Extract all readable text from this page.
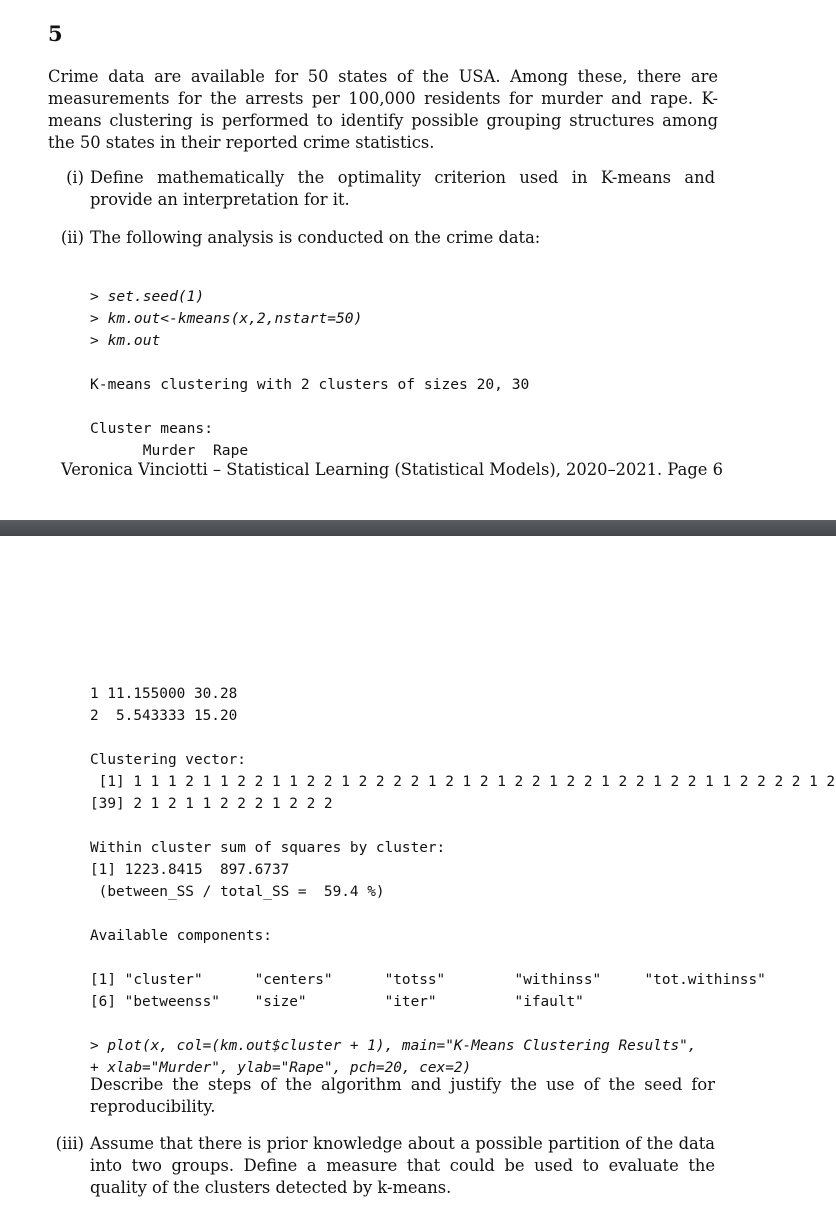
5
Crime data are available for 50 states of the USA. Among these, there are measurements for the arrests per 100,000 residents for murder and rape. K-means clustering is performed to identify possible grouping structures among the 50 states in their reported crime statistics.
(i) Define mathematically the optimality criterion used in K-means and provide an interpretation for it.
(ii) The following analysis is conducted on the crime data:

> set.seed(1)
> km.out<-kmeans(x,2,nstart=50)
> km.out

K-means clustering with 2 clusters of sizes 20, 30

Cluster means:
Murder  Rape
Veronica Vinciotti – Statistical Learning (Statistical Models), 2020–2021. Page 6

1 11.155000 30.28
2  5.543333 15.20

Clustering vector:
[1] 1 1 1 2 1 1 2 2 1 1 2 2 1 2 2 2 2 1 2 1 2 1 2 2 1 2 2 1 2 2 1 2 2 1 1 2 2 2 2 1 2
[39] 2 1 2 1 1 2 2 2 1 2 2 2

Within cluster sum of squares by cluster:
[1] 1223.8415  897.6737
(between_SS / total_SS =  59.4 %)

Available components:

[1] "cluster"      "centers"      "totss"        "withinss"     "tot.withinss"
[6] "betweenss"    "size"         "iter"         "ifault"

> plot(x, col=(km.out$cluster + 1), main="K-Means Clustering Results",
+ xlab="Murder", ylab="Rape", pch=20, cex=2)
Describe the steps of the algorithm and justify the use of the seed for reproducibility.
(iii) Assume that there is prior knowledge about a possible partition of the data into two groups. Define a measure that could be used to evaluate the quality of the clusters detected by k-means.
